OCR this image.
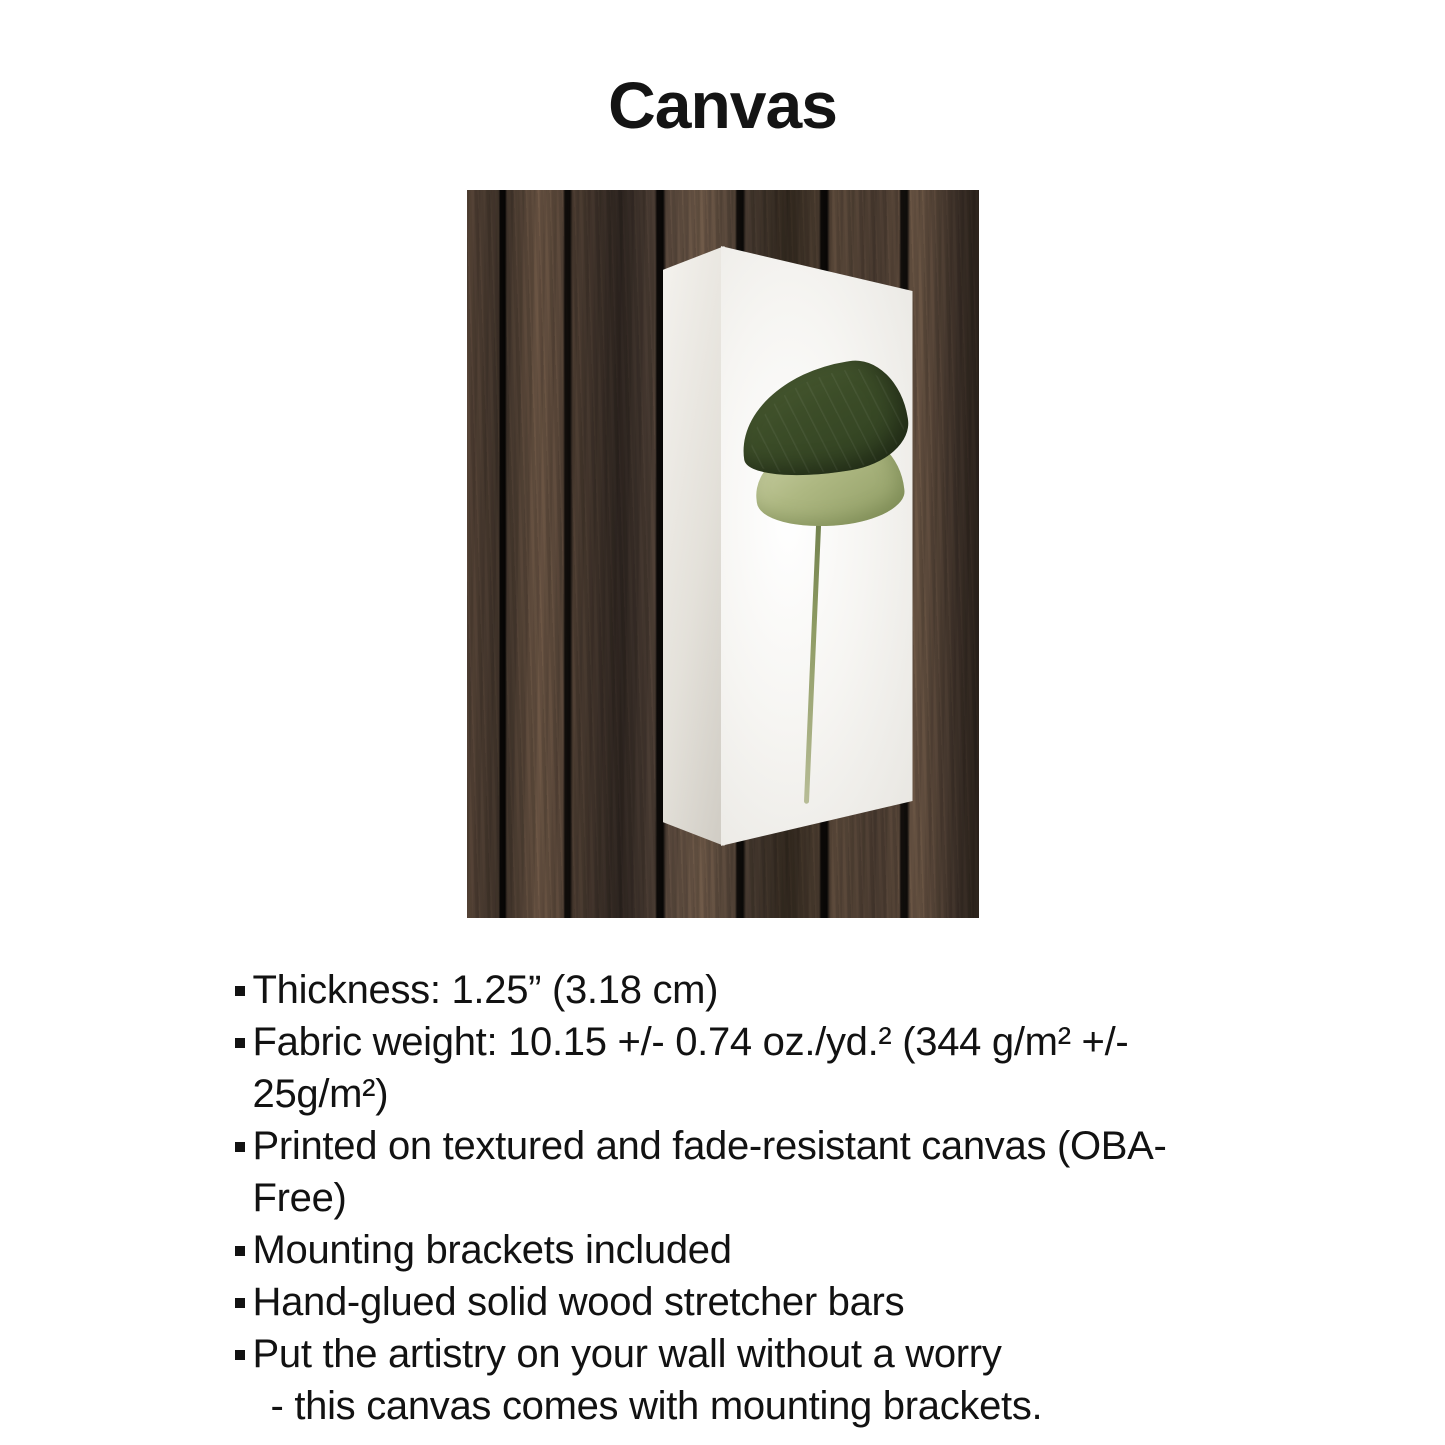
Canvas
Thickness: 1.25” (3.18 cm)
Fabric weight: 10.15 +/- 0.74 oz./yd.² (344 g/m² +/- 25g/m²)
Printed on textured and fade-resistant canvas (OBA-Free)
Mounting brackets included
Hand-glued solid wood stretcher bars
Put the artistry on your wall without a worry
- this canvas comes with mounting brackets.
